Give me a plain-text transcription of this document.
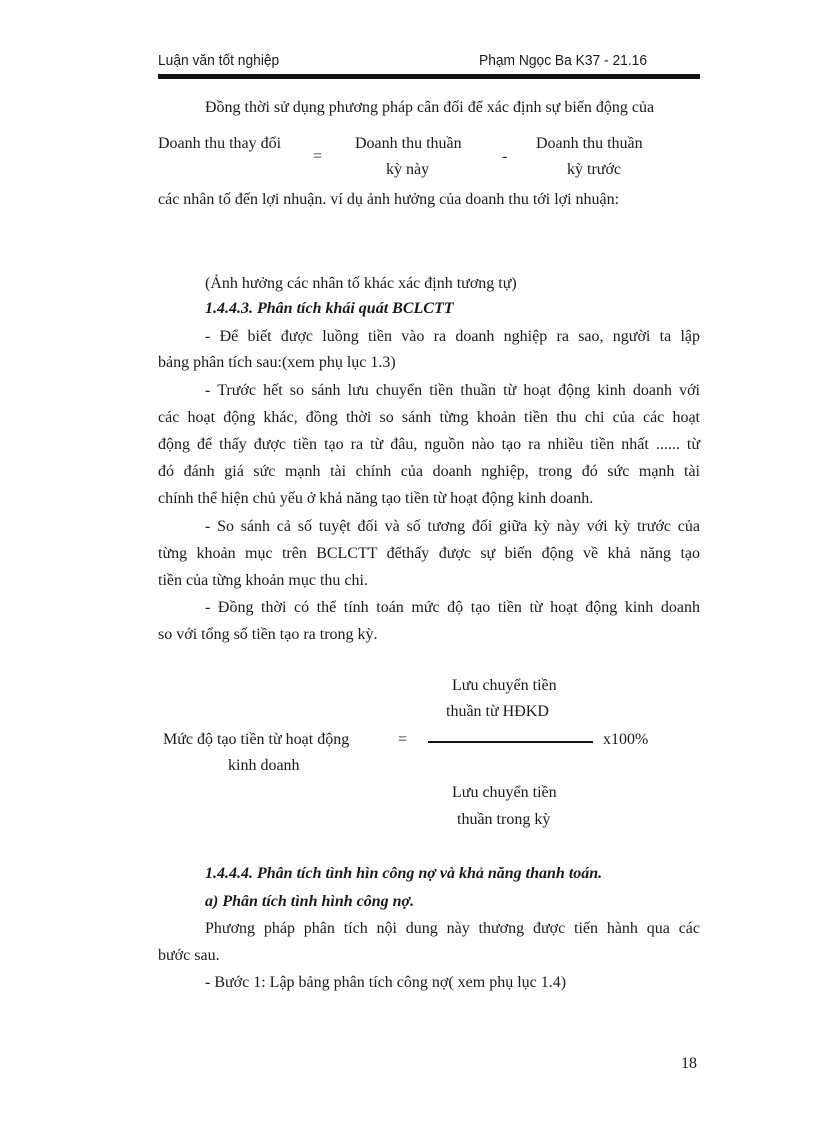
Luận văn tốt nghiệp	Phạm Ngọc Ba K37 - 21.16
Đồng thời sử dụng phương pháp cân đối để xác định sự biến động của
Doanh thu thay đổi
=
Doanh thu thuần
kỳ này
-
Doanh thu thuần
kỳ trước
các nhân tố đến lợi nhuận. ví dụ ảnh hưởng của doanh thu tới lợi nhuận:
(Ảnh hưởng các nhân tố khác xác định tương tự)
1.4.4.3. Phân tích khái quát BCLCTT
- Để biết được luồng tiền vào ra doanh nghiệp ra sao, người ta lập
bảng phân tích sau:(xem phụ lục 1.3)
- Trước hết so sánh lưu chuyển tiền thuần từ hoạt động kinh doanh với
các hoạt động khác, đồng thời so sánh từng khoản tiền thu chi của các hoạt
động để thấy được tiền tạo ra từ đâu, nguồn nào tạo ra nhiều tiền nhất ...... từ
đó đánh giá sức mạnh tài chính của doanh nghiệp, trong đó sức mạnh tài
chính thể hiện chủ yếu ở khả năng tạo tiền từ hoạt động kinh doanh.
- So sánh cả số tuyệt đối và số tương đối giữa kỳ này với kỳ trước của
từng khoản mục trên BCLCTT đểthấy được sự biến động về khả năng tạo
tiền của từng khoản mục thu chi.
- Đồng thời có thể tính toán mức độ tạo tiền từ hoạt động kinh doanh
so với tổng số tiền tạo ra trong kỳ.
Lưu chuyển tiền
thuần từ HĐKD
Mức độ tạo tiền từ hoạt động
kinh doanh
=	x100%
Lưu chuyển tiền
thuần trong kỳ
1.4.4.4. Phân tích tình hìn công nợ và khả năng thanh toán.
a) Phân tích tình hình công nợ.
Phương pháp phân tích nội dung này thương được tiến hành qua các
bước sau.
- Bước 1: Lập bảng phân tích công nợ( xem phụ lục 1.4)
18
